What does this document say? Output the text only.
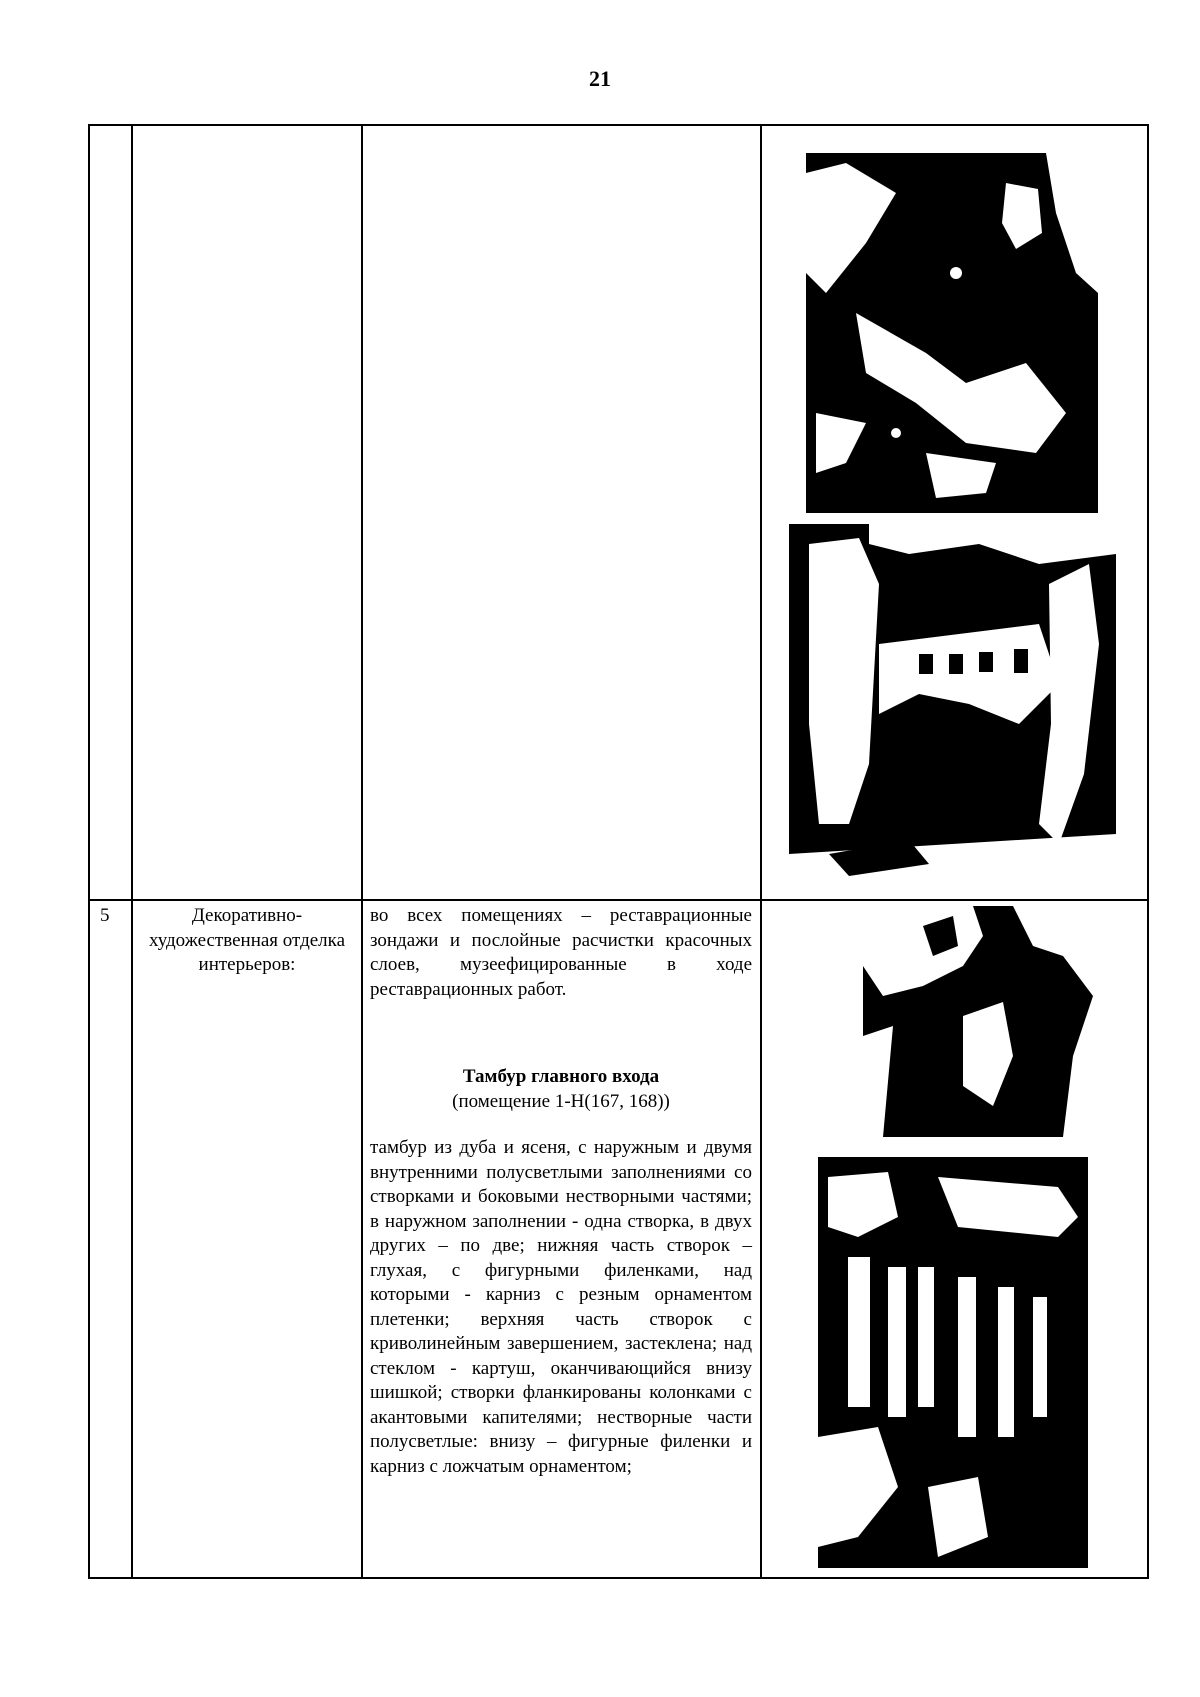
21
5	Декоративно-художественная отделка интерьеров:
во всех помещениях – реставрационные зондажи и послойные расчистки красочных слоев, музеефицированные в ходе реставрационных работ.
Тамбур главного входа
(помещение 1-Н(167, 168))
тамбур из дуба и ясеня, с наружным и двумя внутренними полусветлыми заполнениями со створками и боковыми нестворными частями; в наружном заполнении - одна створка, в двух других – по две; нижняя часть створок – глухая, с фигурными филенками, над которыми - карниз с резным орнаментом плетенки; верхняя часть створок с криволинейным завершением, застеклена; над стеклом - картуш, оканчивающийся внизу шишкой; створки фланкированы колонками с акантовыми капителями; нестворные части полусветлые: внизу – фигурные филенки и карниз с ложчатым орнаментом;
